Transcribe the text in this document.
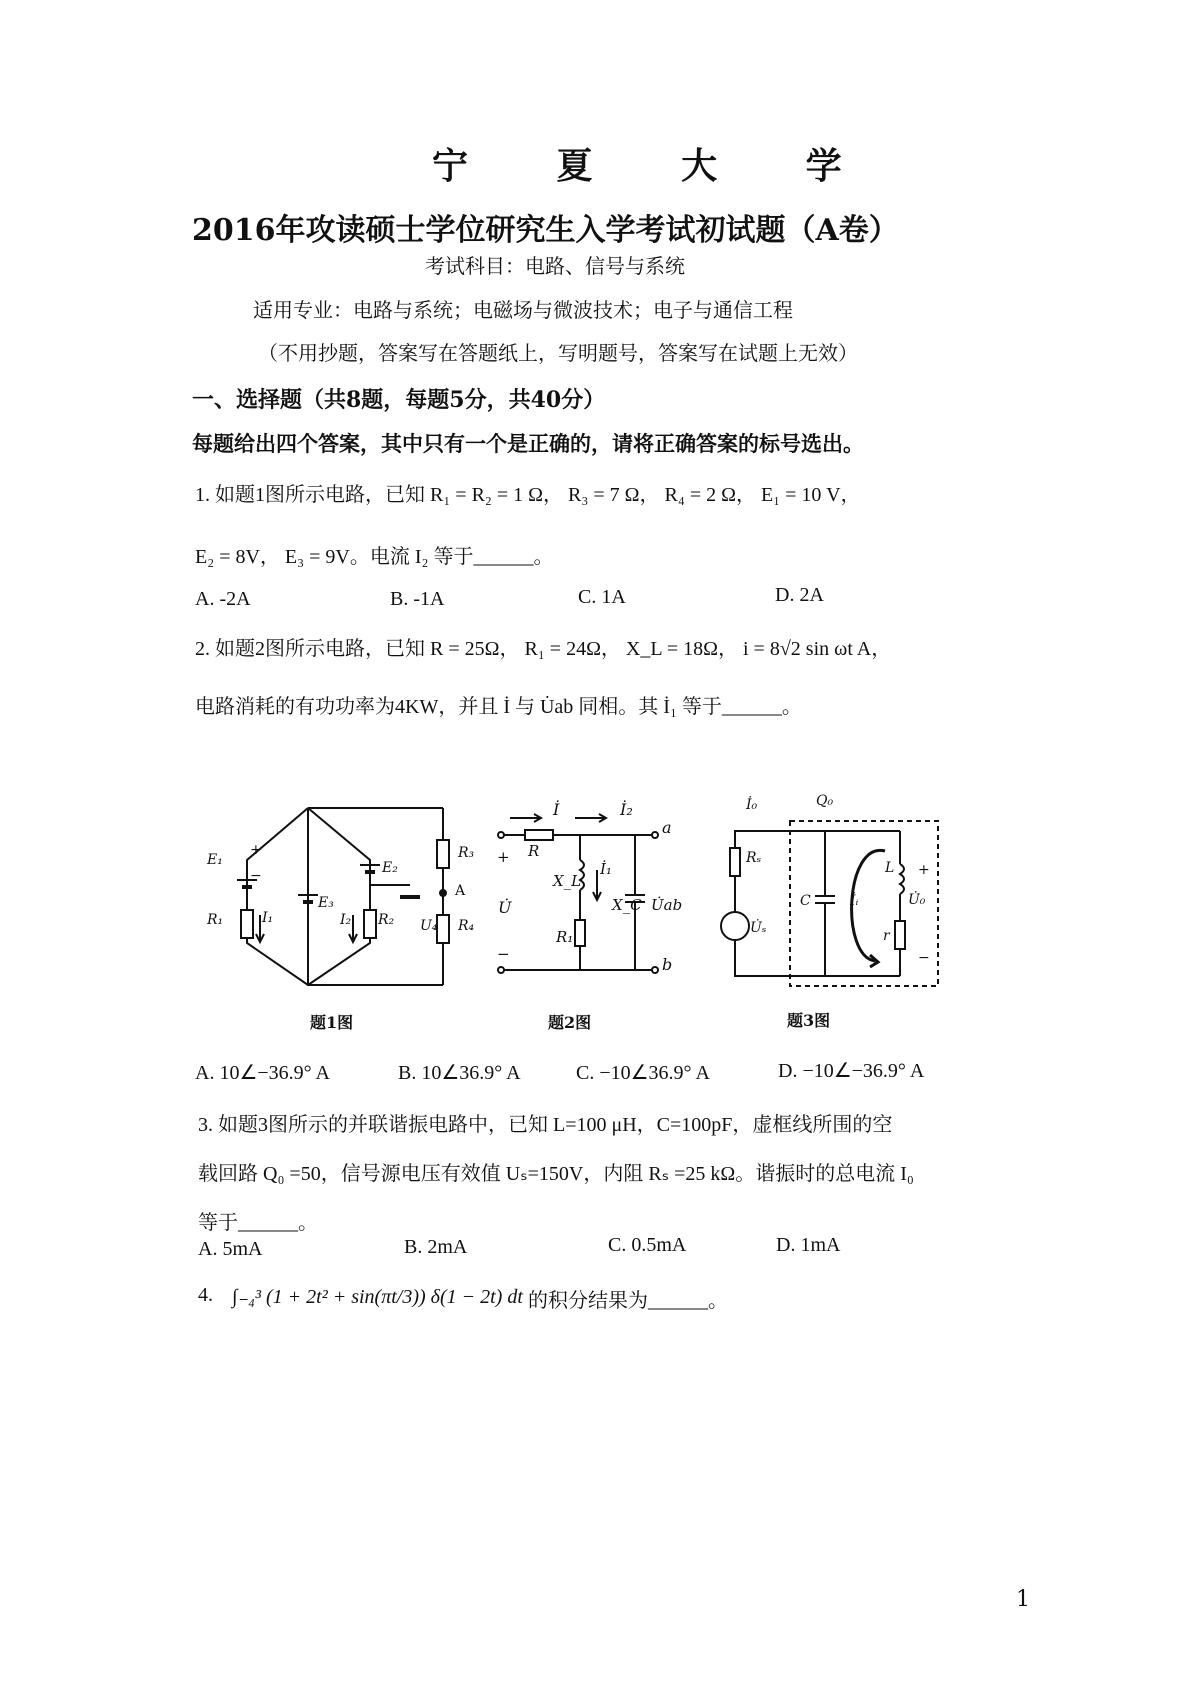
宁 夏 大 学
2016年攻读硕士学位研究生入学考试初试题（A卷）
考试科目：电路、信号与系统
适用专业：电路与系统；电磁场与微波技术；电子与通信工程
（不用抄题，答案写在答题纸上，写明题号，答案写在试题上无效）
一、选择题（共8题，每题5分，共40分）
每题给出四个答案，其中只有一个是正确的，请将正确答案的标号选出。
1. 如题1图所示电路，已知 R₁ = R₂ = 1 Ω， R₃ = 7 Ω， R₄ = 2 Ω， E₁ = 10 V，
E₂ = 8V， E₃ = 9V。电流 I₂ 等于______。
A. -2A	B. -1A	C. 1A	D. 2A
2. 如题2图所示电路，已知 R = 25Ω， R₁ = 24Ω， X_L = 18Ω， i = 8√2 sin ωt A，
电路消耗的有功功率为4KW，并且 İ 与 U̇ab 同相。其 İ₁ 等于______。
E₁
R₁	I₁
E₃
I₂ R₂
E₂
R₃
A
U₄ R₄
+
−
题1图
İ	İ₂
a
b
R
X_L
İ₁
R₁
X_C U̇ab
U̇
+
−
题2图
İ₀	Q₀
Rₛ
U̇ₛ
C	İᵢ
L
U̇₀
r
+
−
题3图
A. 10∠−36.9° A	B. 10∠36.9° A	C. −10∠36.9° A	D. −10∠−36.9° A
3. 如题3图所示的并联谐振电路中，已知 L=100 μH，C=100pF，虚框线所围的空
载回路 Q₀ =50，信号源电压有效值 Uₛ=150V，内阻 Rₛ =25 kΩ。谐振时的总电流 I₀
等于______。
A. 5mA	B. 2mA	C. 0.5mA	D. 1mA
4. ∫₋₄³ (1 + 2t² + sin(πt/3)) δ(1 − 2t) dt 的积分结果为______。
1
